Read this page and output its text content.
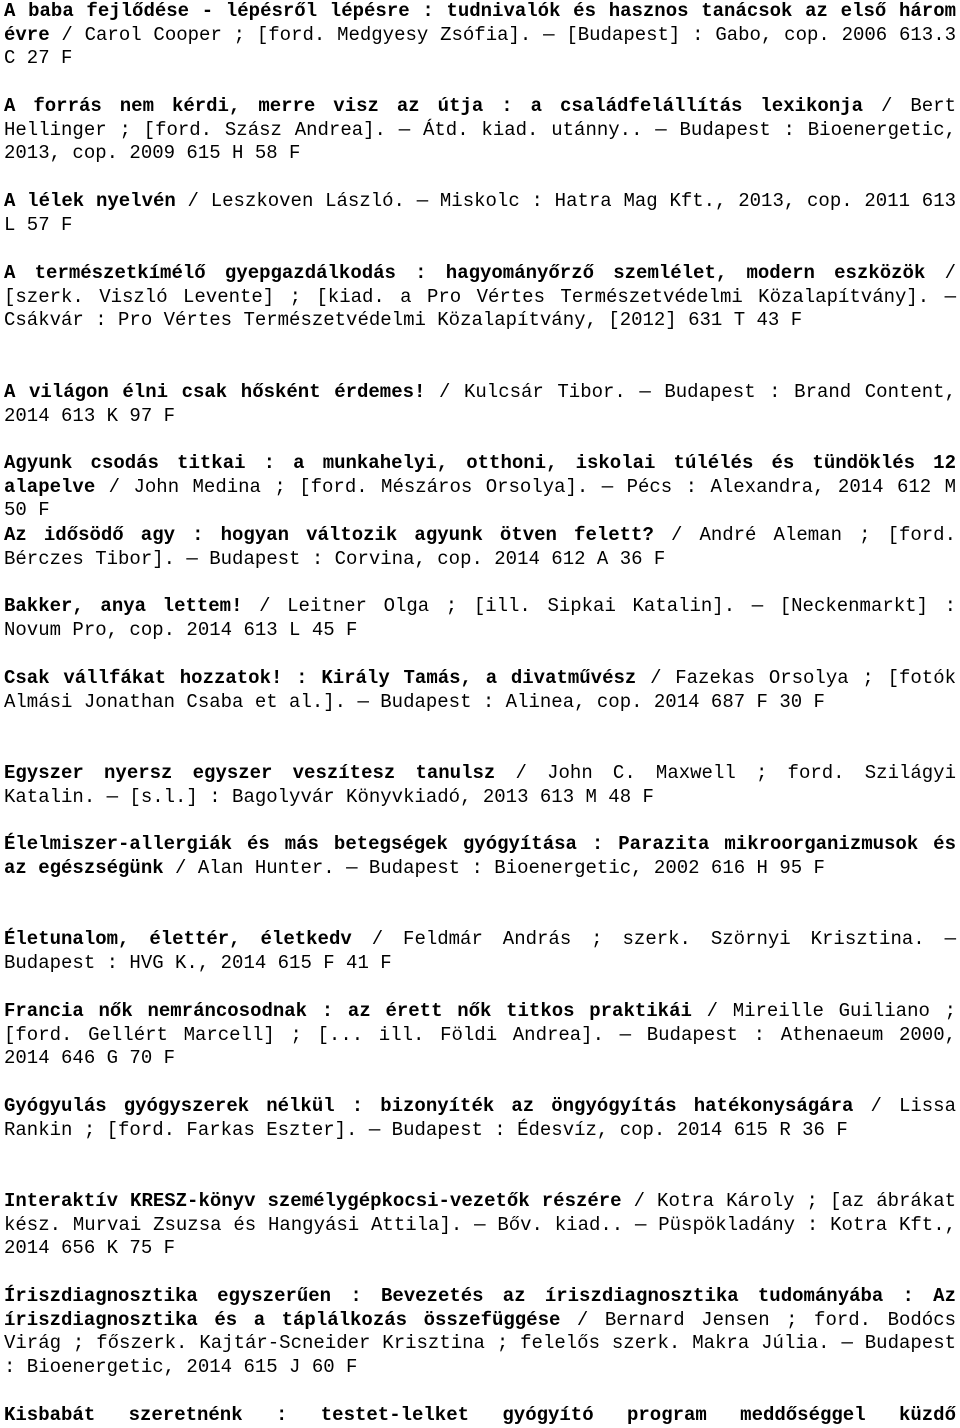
A baba fejlődése - lépésről lépésre : tudnivalók és hasznos tanácsok az első három évre / Carol Cooper ; [ford. Medgyesy Zsófia]. — [Budapest] : Gabo, cop. 2006 613.3 C 27 F

A forrás nem kérdi, merre visz az útja : a családfelállítás lexikonja / Bert Hellinger ; [ford. Szász Andrea]. — Átd. kiad. utánny.. — Budapest : Bioenergetic, 2013, cop. 2009 615 H 58 F

A lélek nyelvén / Leszkoven László. — Miskolc : Hatra Mag Kft., 2013, cop. 2011 613 L 57 F

A természetkímélő gyepgazdálkodás : hagyományőrző szemlélet, modern eszközök / [szerk. Viszló Levente] ; [kiad. a Pro Vértes Természetvédelmi Közalapítvány]. — Csákvár : Pro Vértes Természetvédelmi Közalapítvány, [2012] 631 T 43 F

A világon élni csak hősként érdemes! / Kulcsár Tibor. — Budapest : Brand Content, 2014 613 K 97 F

Agyunk csodás titkai : a munkahelyi, otthoni, iskolai túlélés és tündöklés 12 alapelve / John Medina ; [ford. Mészáros Orsolya]. — Pécs : Alexandra, 2014 612 M 50 F

Az idősödő agy : hogyan változik agyunk ötven felett? / André Aleman ; [ford. Bérczes Tibor]. — Budapest : Corvina, cop. 2014 612 A 36 F

Bakker, anya lettem! / Leitner Olga ; [ill. Sipkai Katalin]. — [Neckenmarkt] : Novum Pro, cop. 2014 613 L 45 F

Csak vállfákat hozzatok! : Király Tamás, a divatművész / Fazekas Orsolya ; [fotók Almási Jonathan Csaba et al.]. — Budapest : Alinea, cop. 2014 687 F 30 F

Egyszer nyersz egyszer veszítesz tanulsz / John C. Maxwell ; ford. Szilágyi Katalin. — [s.l.] : Bagolyvár Könyvkiadó, 2013 613 M 48 F

Élelmiszer-allergiák és más betegségek gyógyítása : Parazita mikroorganizmusok és az egészségünk / Alan Hunter. — Budapest : Bioenergetic, 2002 616 H 95 F

Életunalom, élettér, életkedv / Feldmár András ; szerk. Szörnyi Krisztina. — Budapest : HVG K., 2014 615 F 41 F

Francia nők nemráncosodnak : az érett nők titkos praktikái / Mireille Guiliano ; [ford. Gellért Marcell] ; [... ill. Földi Andrea]. — Budapest : Athenaeum 2000, 2014 646 G 70 F

Gyógyulás gyógyszerek nélkül : bizonyíték az öngyógyítás hatékonyságára / Lissa Rankin ; [ford. Farkas Eszter]. — Budapest : Édesvíz, cop. 2014 615 R 36 F

Interaktív KRESZ-könyv személygépkocsi-vezetők részére / Kotra Károly ; [az ábrákat kész. Murvai Zsuzsa és Hangyási Attila]. — Bőv. kiad.. — Püspökladány : Kotra Kft., 2014 656 K 75 F

Íriszdiagnosztika egyszerűen : Bevezetés az íriszdiagnosztika tudományába : Az íriszdiagnosztika és a táplálkozás összefüggése / Bernard Jensen ; ford. Bodócs Virág ; főszerk. Kajtár-Scneider Krisztina ; felelős szerk. Makra Júlia. — Budapest : Bioenergetic, 2014 615 J 60 F

Kisbabát szeretnénk : testet-lelket gyógyító program meddőséggel küzdő
